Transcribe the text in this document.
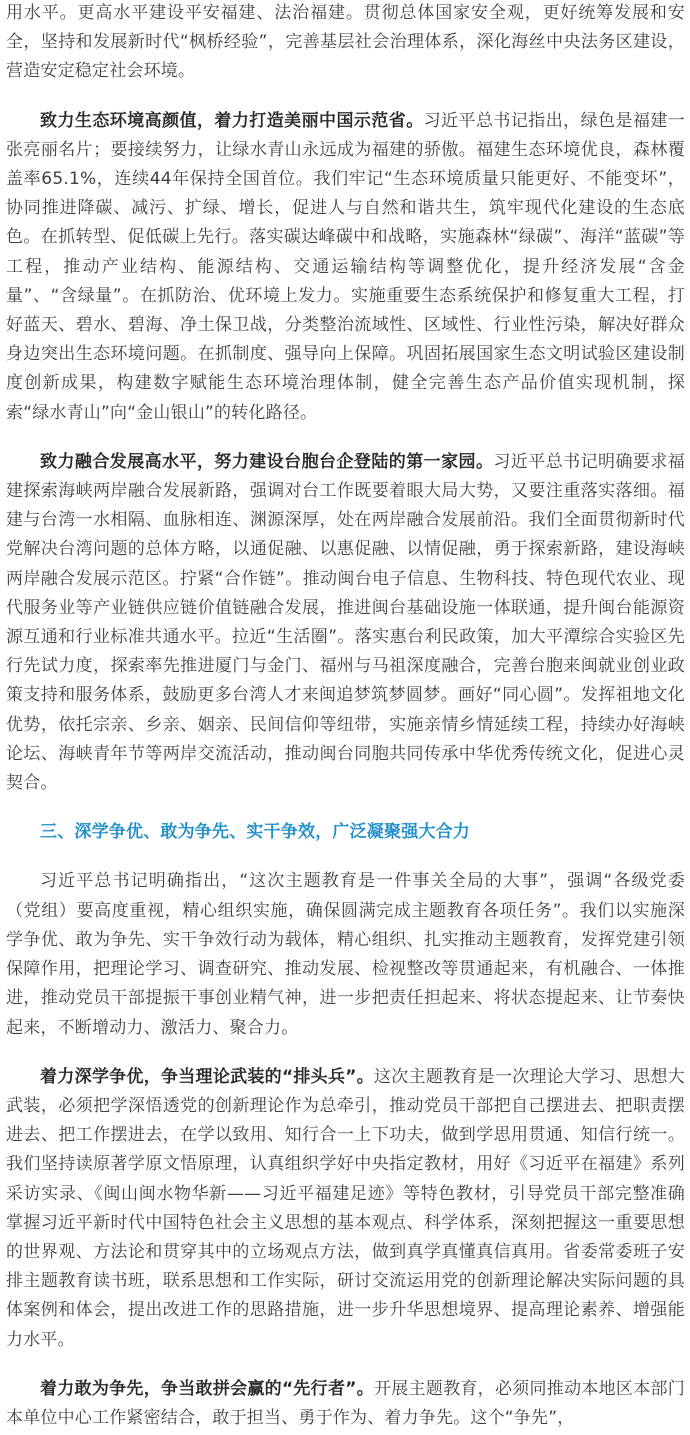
用水平。更高水平建设平安福建、法治福建。贯彻总体国家安全观，更好统筹发展和安全，坚持和发展新时代“枫桥经验”，完善基层社会治理体系，深化海丝中央法务区建设，营造安定稳定社会环境。

致力生态环境高颜值，着力打造美丽中国示范省。习近平总书记指出，绿色是福建一张亮丽名片；要接续努力，让绿水青山永远成为福建的骄傲。福建生态环境优良，森林覆盖率65.1%，连续44年保持全国首位。我们牢记“生态环境质量只能更好、不能变坏”，协同推进降碳、减污、扩绿、增长，促进人与自然和谐共生，筑牢现代化建设的生态底色。在抓转型、促低碳上先行。落实碳达峰碳中和战略，实施森林“绿碳”、海洋“蓝碳”等工程，推动产业结构、能源结构、交通运输结构等调整优化，提升经济发展“含金量”、“含绿量”。在抓防治、优环境上发力。实施重要生态系统保护和修复重大工程，打好蓝天、碧水、碧海、净土保卫战，分类整治流域性、区域性、行业性污染，解决好群众身边突出生态环境问题。在抓制度、强导向上保障。巩固拓展国家生态文明试验区建设制度创新成果，构建数字赋能生态环境治理体制，健全完善生态产品价值实现机制，探索“绿水青山”向“金山银山”的转化路径。

致力融合发展高水平，努力建设台胞台企登陆的第一家园。习近平总书记明确要求福建探索海峡两岸融合发展新路，强调对台工作既要着眼大局大势，又要注重落实落细。福建与台湾一水相隔、血脉相连、渊源深厚，处在两岸融合发展前沿。我们全面贯彻新时代党解决台湾问题的总体方略，以通促融、以惠促融、以情促融，勇于探索新路，建设海峡两岸融合发展示范区。拧紧“合作链”。推动闽台电子信息、生物科技、特色现代农业、现代服务业等产业链供应链价值链融合发展，推进闽台基础设施一体联通，提升闽台能源资源互通和行业标准共通水平。拉近“生活圈”。落实惠台利民政策，加大平潭综合实验区先行先试力度，探索率先推进厦门与金门、福州与马祖深度融合，完善台胞来闽就业创业政策支持和服务体系，鼓励更多台湾人才来闽追梦筑梦圆梦。画好“同心圆”。发挥祖地文化优势，依托宗亲、乡亲、姻亲、民间信仰等纽带，实施亲情乡情延续工程，持续办好海峡论坛、海峡青年节等两岸交流活动，推动闽台同胞共同传承中华优秀传统文化，促进心灵契合。

三、深学争优、敢为争先、实干争效，广泛凝聚强大合力

习近平总书记明确指出，“这次主题教育是一件事关全局的大事”，强调“各级党委（党组）要高度重视，精心组织实施，确保圆满完成主题教育各项任务”。我们以实施深学争优、敢为争先、实干争效行动为载体，精心组织、扎实推动主题教育，发挥党建引领保障作用，把理论学习、调查研究、推动发展、检视整改等贯通起来，有机融合、一体推进，推动党员干部提振干事创业精气神，进一步把责任担起来、将状态提起来、让节奏快起来，不断增动力、激活力、聚合力。

着力深学争优，争当理论武装的“排头兵”。这次主题教育是一次理论大学习、思想大武装，必须把学深悟透党的创新理论作为总牵引，推动党员干部把自己摆进去、把职责摆进去、把工作摆进去，在学以致用、知行合一上下功夫，做到学思用贯通、知信行统一。我们坚持读原著学原文悟原理，认真组织学好中央指定教材，用好《习近平在福建》系列采访实录、《闽山闽水物华新——习近平福建足迹》等特色教材，引导党员干部完整准确掌握习近平新时代中国特色社会主义思想的基本观点、科学体系，深刻把握这一重要思想的世界观、方法论和贯穿其中的立场观点方法，做到真学真懂真信真用。省委常委班子安排主题教育读书班，联系思想和工作实际，研讨交流运用党的创新理论解决实际问题的具体案例和体会，提出改进工作的思路措施，进一步升华思想境界、提高理论素养、增强能力水平。

着力敢为争先，争当敢拼会赢的“先行者”。开展主题教育，必须同推动本地区本部门本单位中心工作紧密结合，敢于担当、勇于作为、着力争先。这个“争先”，
